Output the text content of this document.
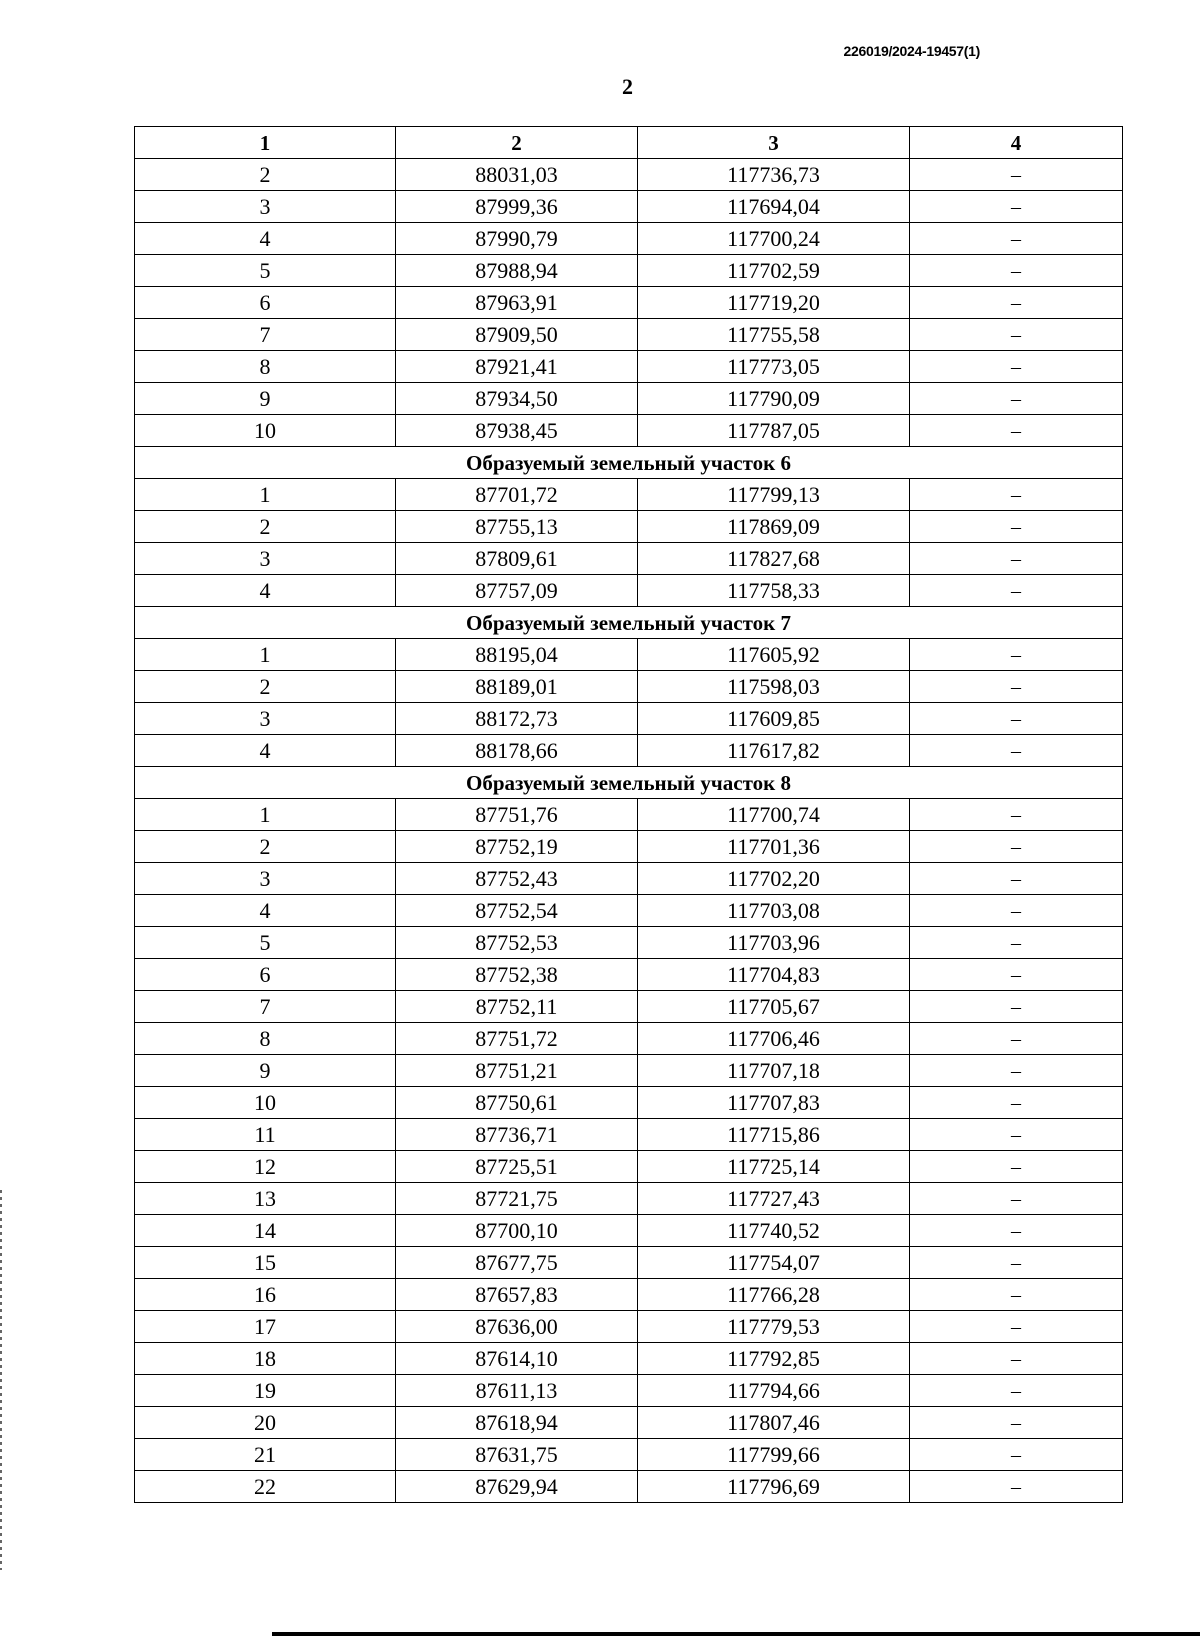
226019/2024-19457(1)
2
1	2	3	4
2	88031,03	117736,73	–
3	87999,36	117694,04	–
4	87990,79	117700,24	–
5	87988,94	117702,59	–
6	87963,91	117719,20	–
7	87909,50	117755,58	–
8	87921,41	117773,05	–
9	87934,50	117790,09	–
10	87938,45	117787,05	–
Образуемый земельный участок 6			
1	87701,72	117799,13	–
2	87755,13	117869,09	–
3	87809,61	117827,68	–
4	87757,09	117758,33	–
Образуемый земельный участок 7			
1	88195,04	117605,92	–
2	88189,01	117598,03	–
3	88172,73	117609,85	–
4	88178,66	117617,82	–
Образуемый земельный участок 8			
1	87751,76	117700,74	–
2	87752,19	117701,36	–
3	87752,43	117702,20	–
4	87752,54	117703,08	–
5	87752,53	117703,96	–
6	87752,38	117704,83	–
7	87752,11	117705,67	–
8	87751,72	117706,46	–
9	87751,21	117707,18	–
10	87750,61	117707,83	–
11	87736,71	117715,86	–
12	87725,51	117725,14	–
13	87721,75	117727,43	–
14	87700,10	117740,52	–
15	87677,75	117754,07	–
16	87657,83	117766,28	–
17	87636,00	117779,53	–
18	87614,10	117792,85	–
19	87611,13	117794,66	–
20	87618,94	117807,46	–
21	87631,75	117799,66	–
22	87629,94	117796,69	–
